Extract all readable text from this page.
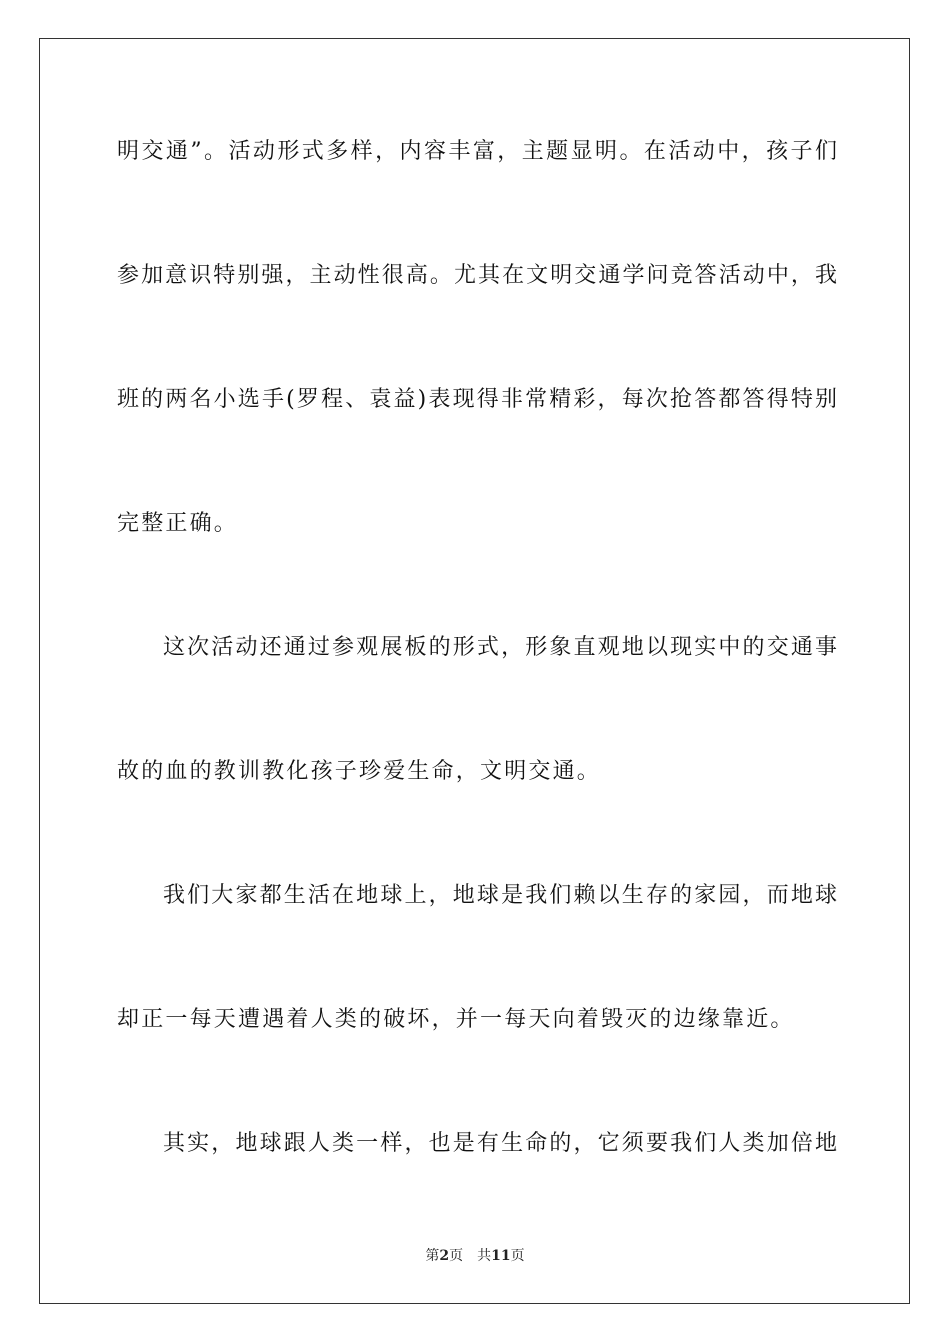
明交通”。活动形式多样，内容丰富，主题显明。在活动中，孩子们
参加意识特别强，主动性很高。尤其在文明交通学问竞答活动中，我
班的两名小选手(罗程、袁益)表现得非常精彩，每次抢答都答得特别
完整正确。
这次活动还通过参观展板的形式，形象直观地以现实中的交通事
故的血的教训教化孩子珍爱生命，文明交通。
我们大家都生活在地球上，地球是我们赖以生存的家园，而地球
却正一每天遭遇着人类的破坏，并一每天向着毁灭的边缘靠近。
其实，地球跟人类一样，也是有生命的，它须要我们人类加倍地
第2页 共11页
